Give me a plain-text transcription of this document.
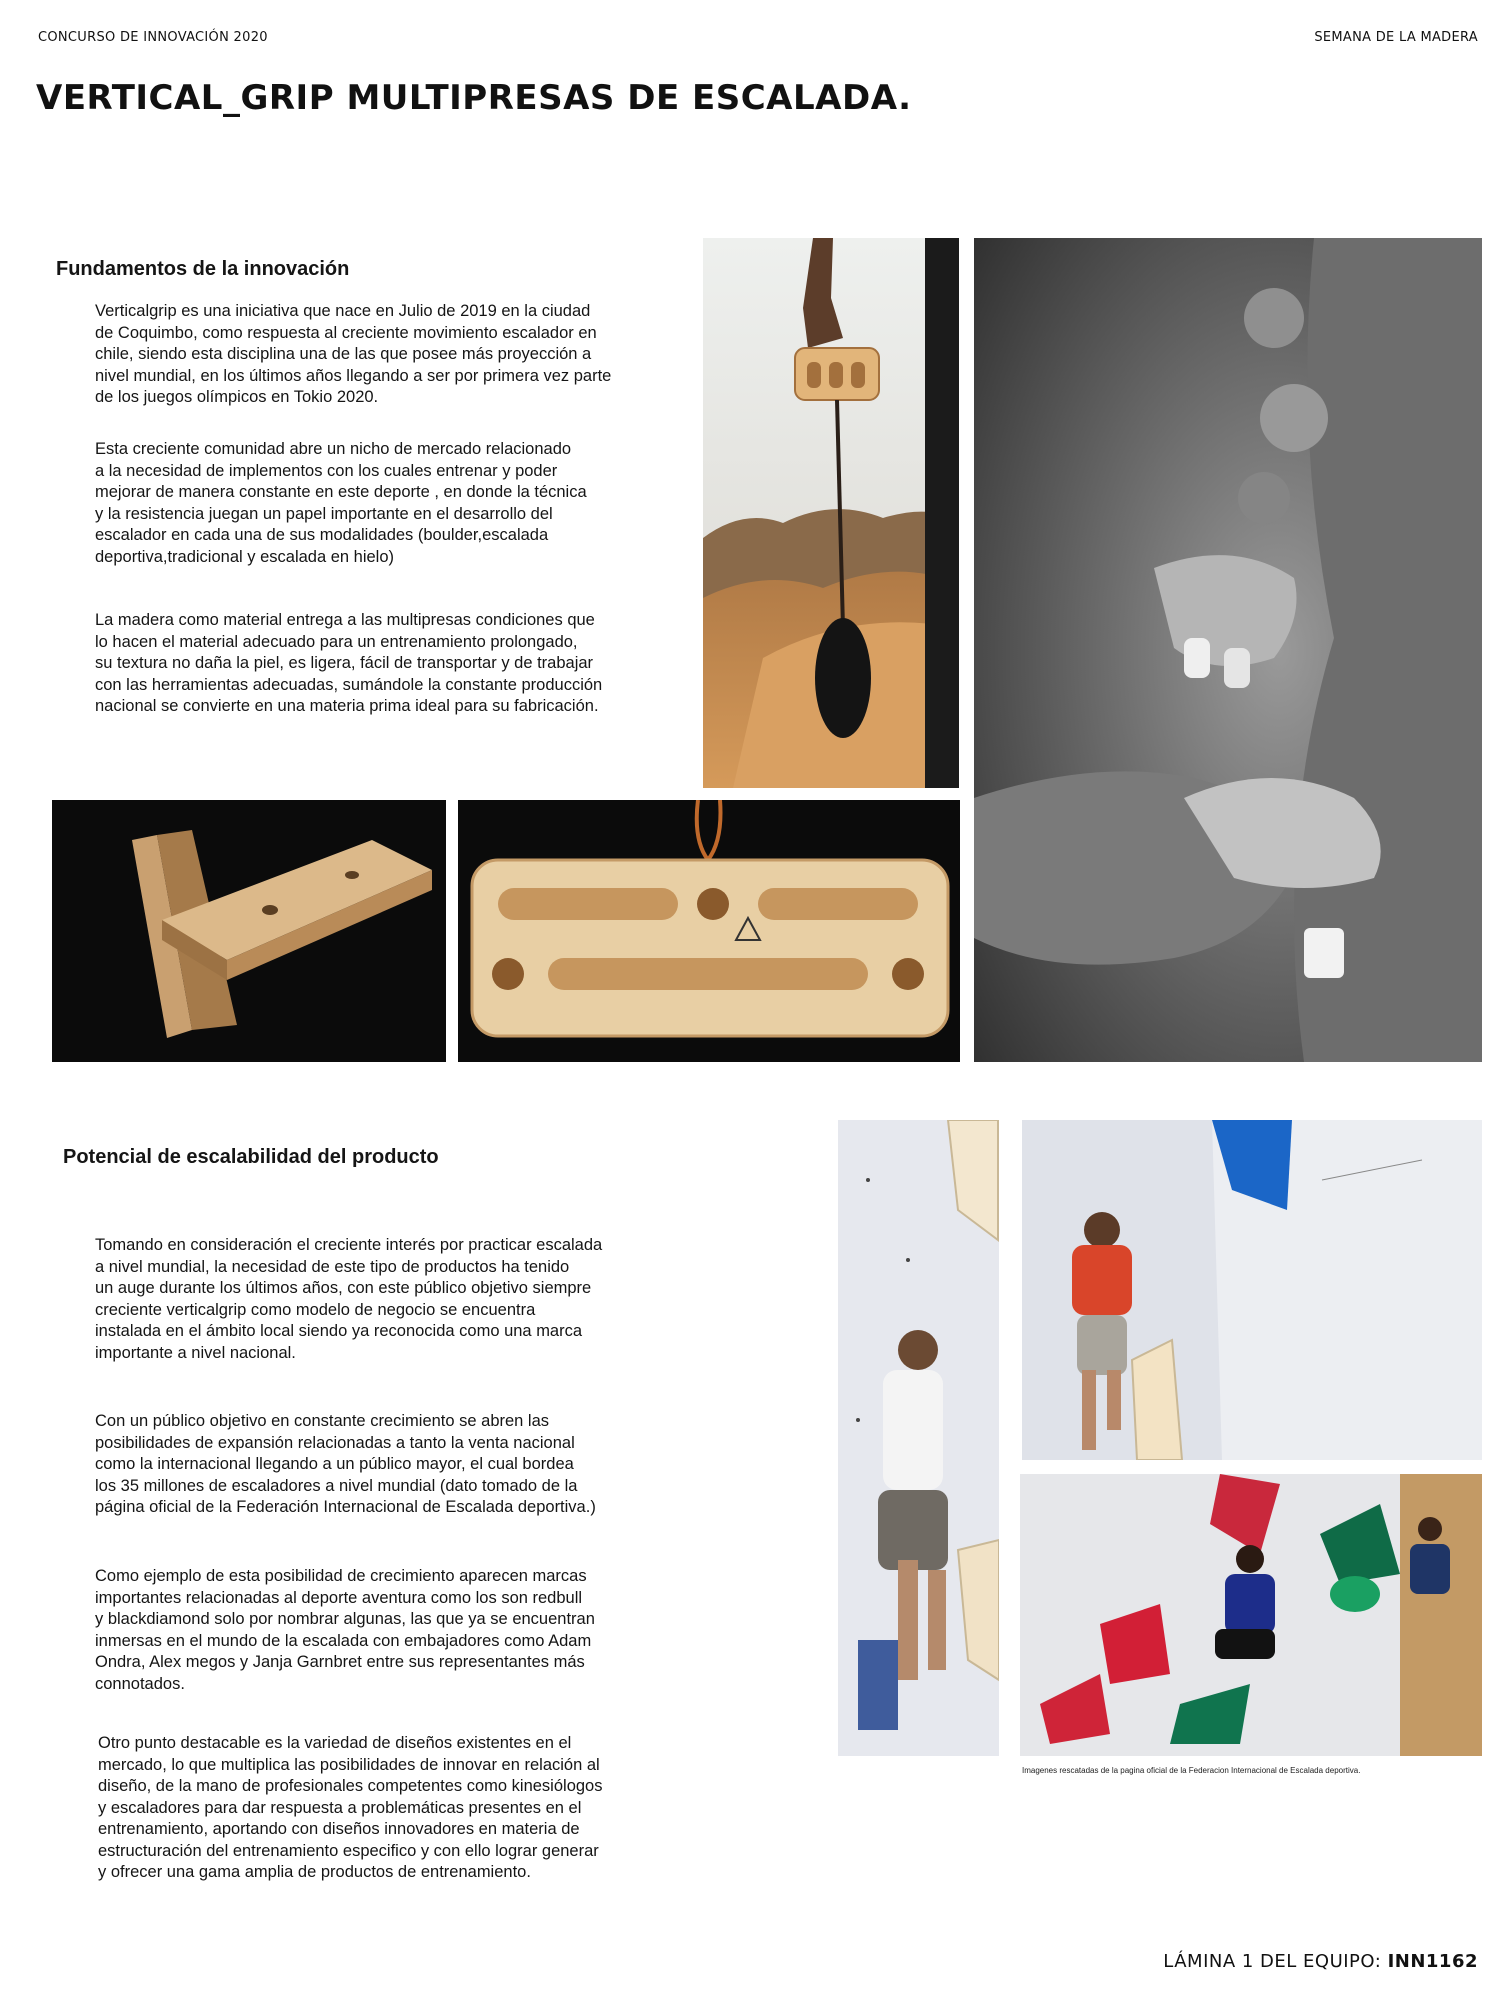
CONCURSO DE INNOVACIÓN 2020	SEMANA DE LA MADERA
VERTICAL_GRIP MULTIPRESAS DE ESCALADA.
Fundamentos de la innovación

Verticalgrip es una iniciativa que nace en Julio de 2019 en la ciudad
de Coquimbo, como respuesta al creciente movimiento escalador en
chile, siendo esta disciplina una de las que posee más proyección a
nivel mundial, en los últimos años llegando a ser por primera vez parte
de los juegos olímpicos en Tokio 2020.

Esta creciente comunidad abre un nicho de mercado relacionado
a la necesidad de implementos con los cuales entrenar y poder
mejorar de manera constante en este deporte , en donde la técnica
y la resistencia juegan un papel importante en el desarrollo del
escalador en cada una de sus modalidades (boulder,escalada
deportiva,tradicional y escalada en hielo)

La madera como material entrega a las multipresas condiciones que
lo hacen el material adecuado para un entrenamiento prolongado,
su textura no daña la piel, es ligera, fácil de transportar y de trabajar
con las herramientas adecuadas, sumándole la constante producción
nacional se convierte en una materia prima ideal para su fabricación.

Potencial de escalabilidad del producto

Tomando en consideración el creciente interés por practicar escalada
a nivel mundial, la necesidad de este tipo de productos ha tenido
un auge durante los últimos años, con este público objetivo siempre
creciente verticalgrip como modelo de negocio se encuentra
instalada en el ámbito local siendo ya reconocida como una marca
importante a nivel nacional.

Con un público objetivo en constante crecimiento se abren las
posibilidades de expansión relacionadas a tanto la venta nacional
como la internacional llegando a un público mayor, el cual bordea
los 35 millones de escaladores a nivel mundial (dato tomado de la
página oficial de la Federación Internacional de Escalada deportiva.)

Como ejemplo de esta posibilidad de crecimiento aparecen marcas
importantes relacionadas al deporte aventura como los son redbull
y blackdiamond solo por nombrar algunas, las que ya se encuentran
inmersas en el mundo de la escalada con embajadores como Adam
Ondra, Alex megos y Janja Garnbret entre sus representantes más
connotados.

Otro punto destacable es la variedad de diseños existentes en el
mercado, lo que multiplica las posibilidades de innovar en relación al
diseño, de la mano de profesionales competentes como kinesiólogos
y escaladores para dar respuesta a problemáticas presentes en el
entrenamiento, aportando con diseños innovadores en materia de
estructuración del entrenamiento especifico y con ello lograr generar
y ofrecer una gama amplia de productos de entrenamiento.

Imagenes rescatadas de la pagina oficial de la Federacion Internacional de Escalada deportiva.
LÁMINA 1 DEL EQUIPO: INN1162
